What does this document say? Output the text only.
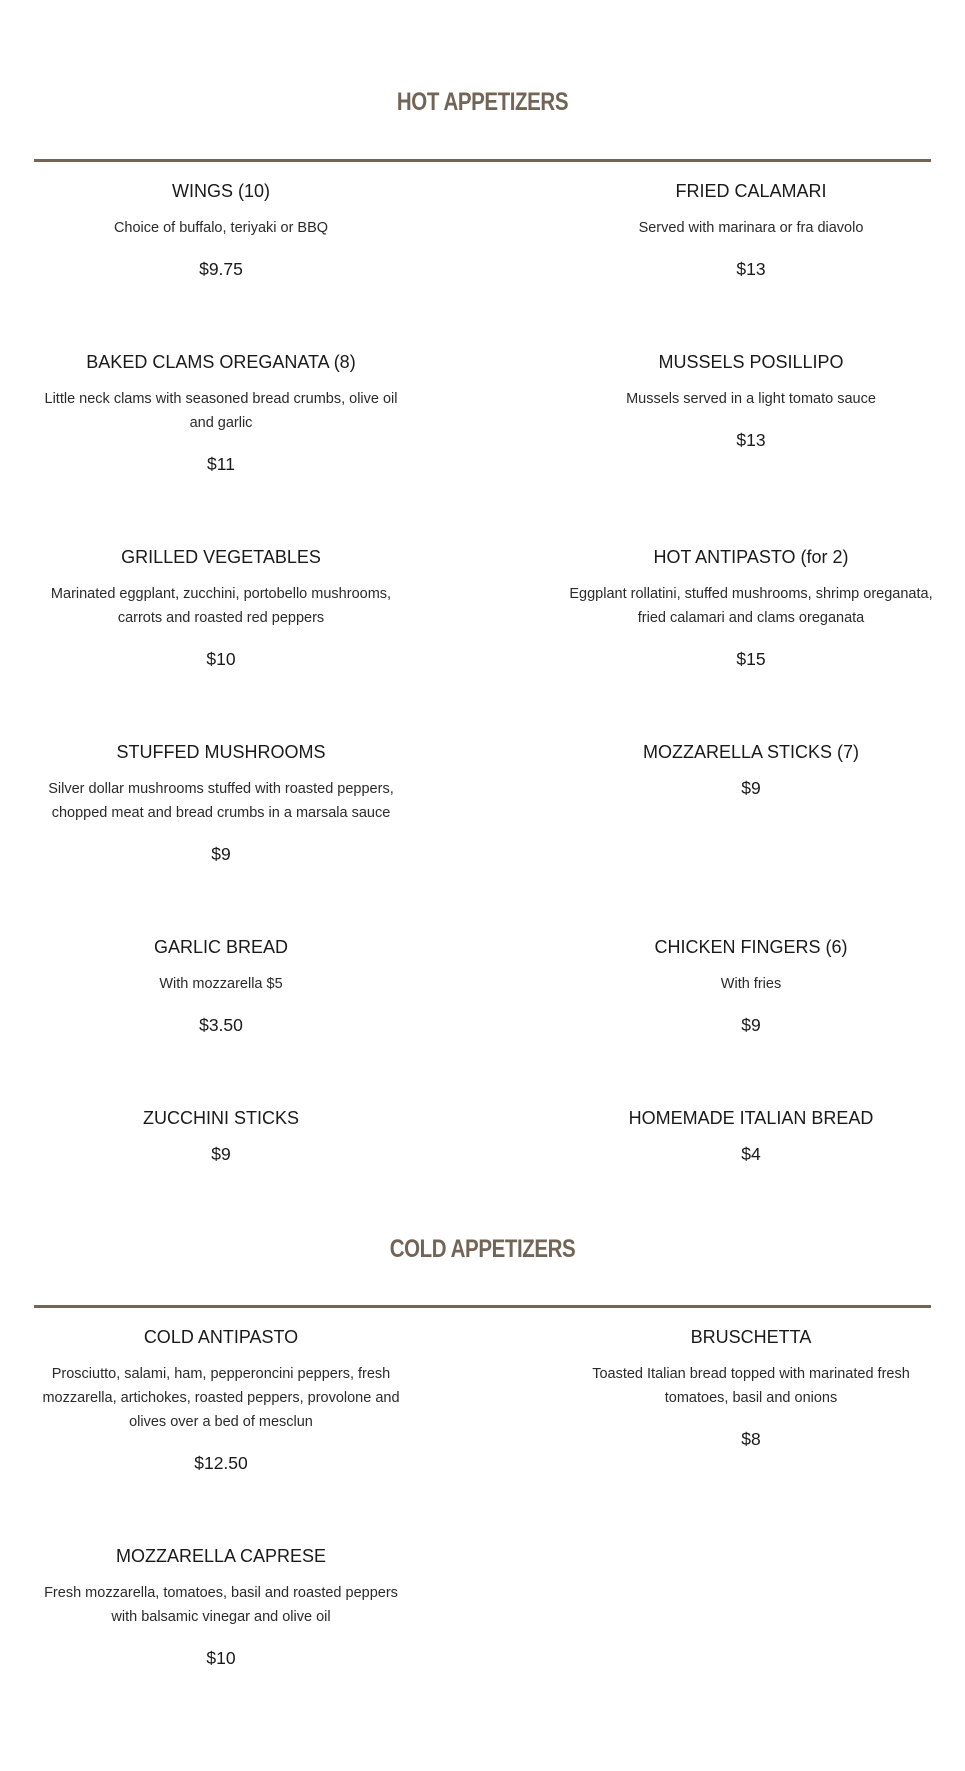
HOT APPETIZERS

WINGS (10)

Choice of buffalo, teriyaki or BBQ

$9.75

FRIED CALAMARI

Served with marinara or fra diavolo

$13

BAKED CLAMS OREGANATA (8)

Little neck clams with seasoned bread crumbs, olive oil and garlic

$11

MUSSELS POSILLIPO

Mussels served in a light tomato sauce

$13

GRILLED VEGETABLES

Marinated eggplant, zucchini, portobello mushrooms, carrots and roasted red peppers

$10

HOT ANTIPASTO (for 2)

Eggplant rollatini, stuffed mushrooms, shrimp oreganata, fried calamari and clams oreganata

$15

STUFFED MUSHROOMS

Silver dollar mushrooms stuffed with roasted peppers, chopped meat and bread crumbs in a marsala sauce

$9

MOZZARELLA STICKS (7)

$9

GARLIC BREAD

With mozzarella $5

$3.50

CHICKEN FINGERS (6)

With fries

$9

ZUCCHINI STICKS

$9

HOMEMADE ITALIAN BREAD

$4

COLD APPETIZERS

COLD ANTIPASTO

Prosciutto, salami, ham, pepperoncini peppers, fresh mozzarella, artichokes, roasted peppers, provolone and olives over a bed of mesclun

$12.50

BRUSCHETTA

Toasted Italian bread topped with marinated fresh tomatoes, basil and onions

$8

MOZZARELLA CAPRESE

Fresh mozzarella, tomatoes, basil and roasted peppers with balsamic vinegar and olive oil

$10
